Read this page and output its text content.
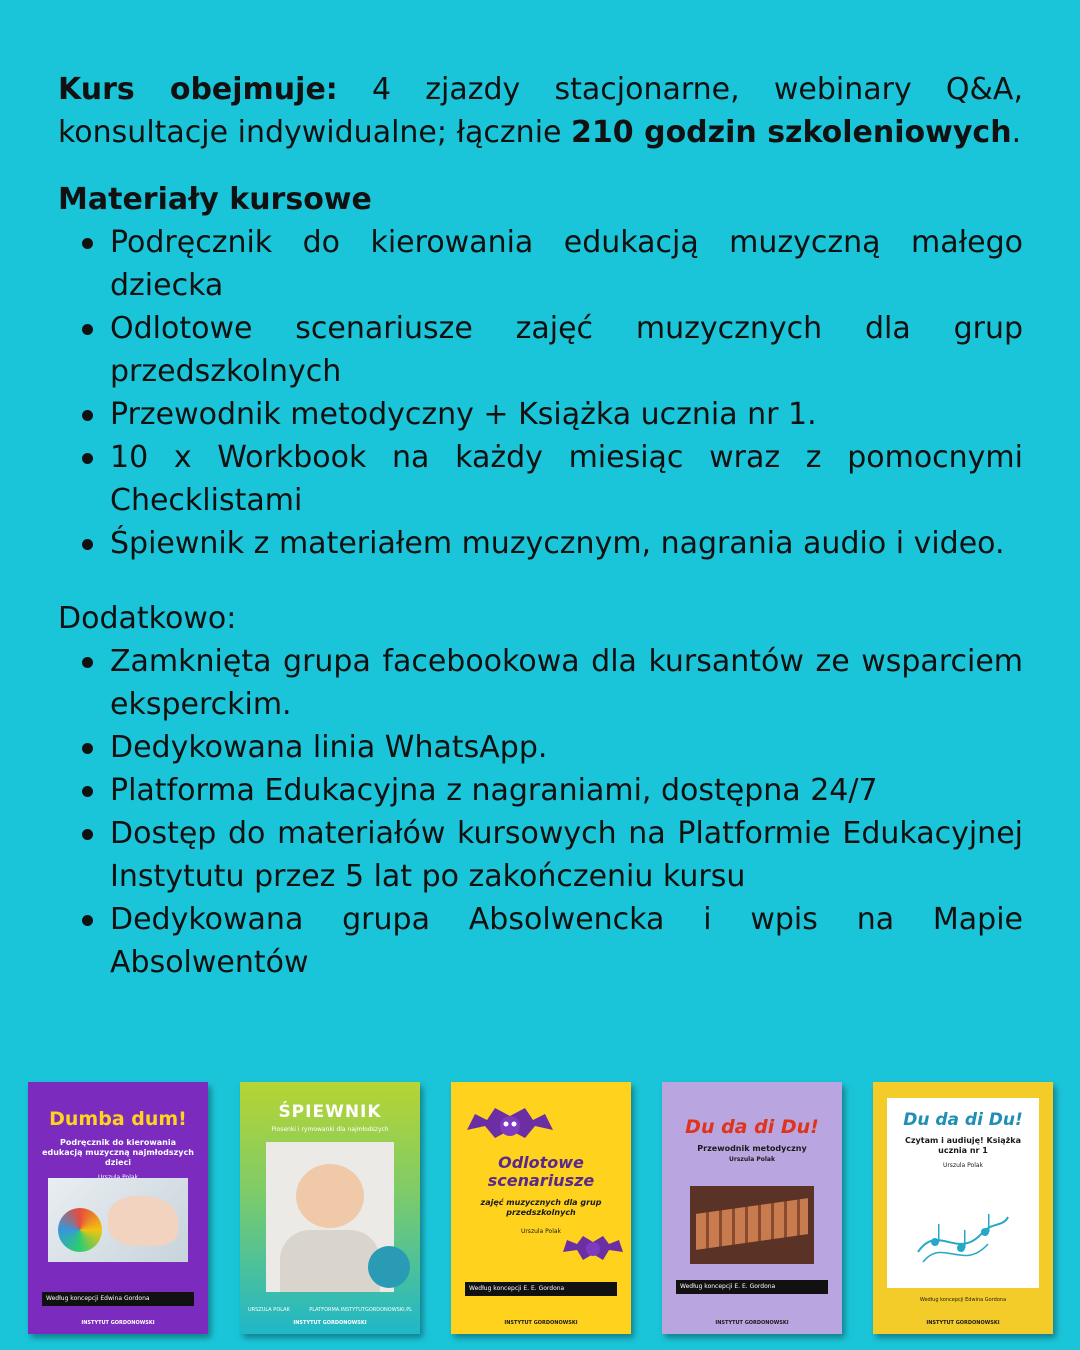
Kurs obejmuje: 4 zjazdy stacjonarne, webinary Q&A, konsultacje indywidualne; łącznie 210 godzin szkoleniowych.

Materiały kursowe

Podręcznik do kierowania edukacją muzyczną małego dziecka
Odlotowe scenariusze zajęć muzycznych dla grup przedszkolnych
Przewodnik metodyczny + Książka ucznia nr 1.
10 x Workbook na każdy miesiąc wraz z pomocnymi Checklistami
Śpiewnik z materiałem muzycznym, nagrania audio i video.

Dodatkowo:

Zamknięta grupa facebookowa dla kursantów ze wsparciem eksperckim.
Dedykowana linia WhatsApp.
Platforma Edukacyjna z nagraniami, dostępna 24/7
Dostęp do materiałów kursowych na Platformie Edukacyjnej Instytutu przez 5 lat po zakończeniu kursu
Dedykowana grupa Absolwencka i wpis na Mapie Absolwentów
Dumba dum!
Podręcznik do kierowania edukacją muzyczną najmłodszych dzieci
Według koncepcji Edwina Gordona
INSTYTUT GORDONOWSKI
ŚPIEWNIK
Piosenki i rymowanki dla najmłodszych
URSZULA POLAK	PLATFORMA.INSTYTUTGORDONOWSKI.PL
INSTYTUT GORDONOWSKI
Odlotowe scenariusze
zajęć muzycznych dla grup przedszkolnych
Urszula Polak
Według koncepcji E. E. Gordona
INSTYTUT GORDONOWSKI
Du da di Du!
Przewodnik metodyczny
Urszula Polak
Według koncepcji E. E. Gordona
INSTYTUT GORDONOWSKI
Du da di Du!
Czytam i audiuję! Książka ucznia nr 1
Urszula Polak
Według koncepcji Edwina Gordona
INSTYTUT GORDONOWSKI
